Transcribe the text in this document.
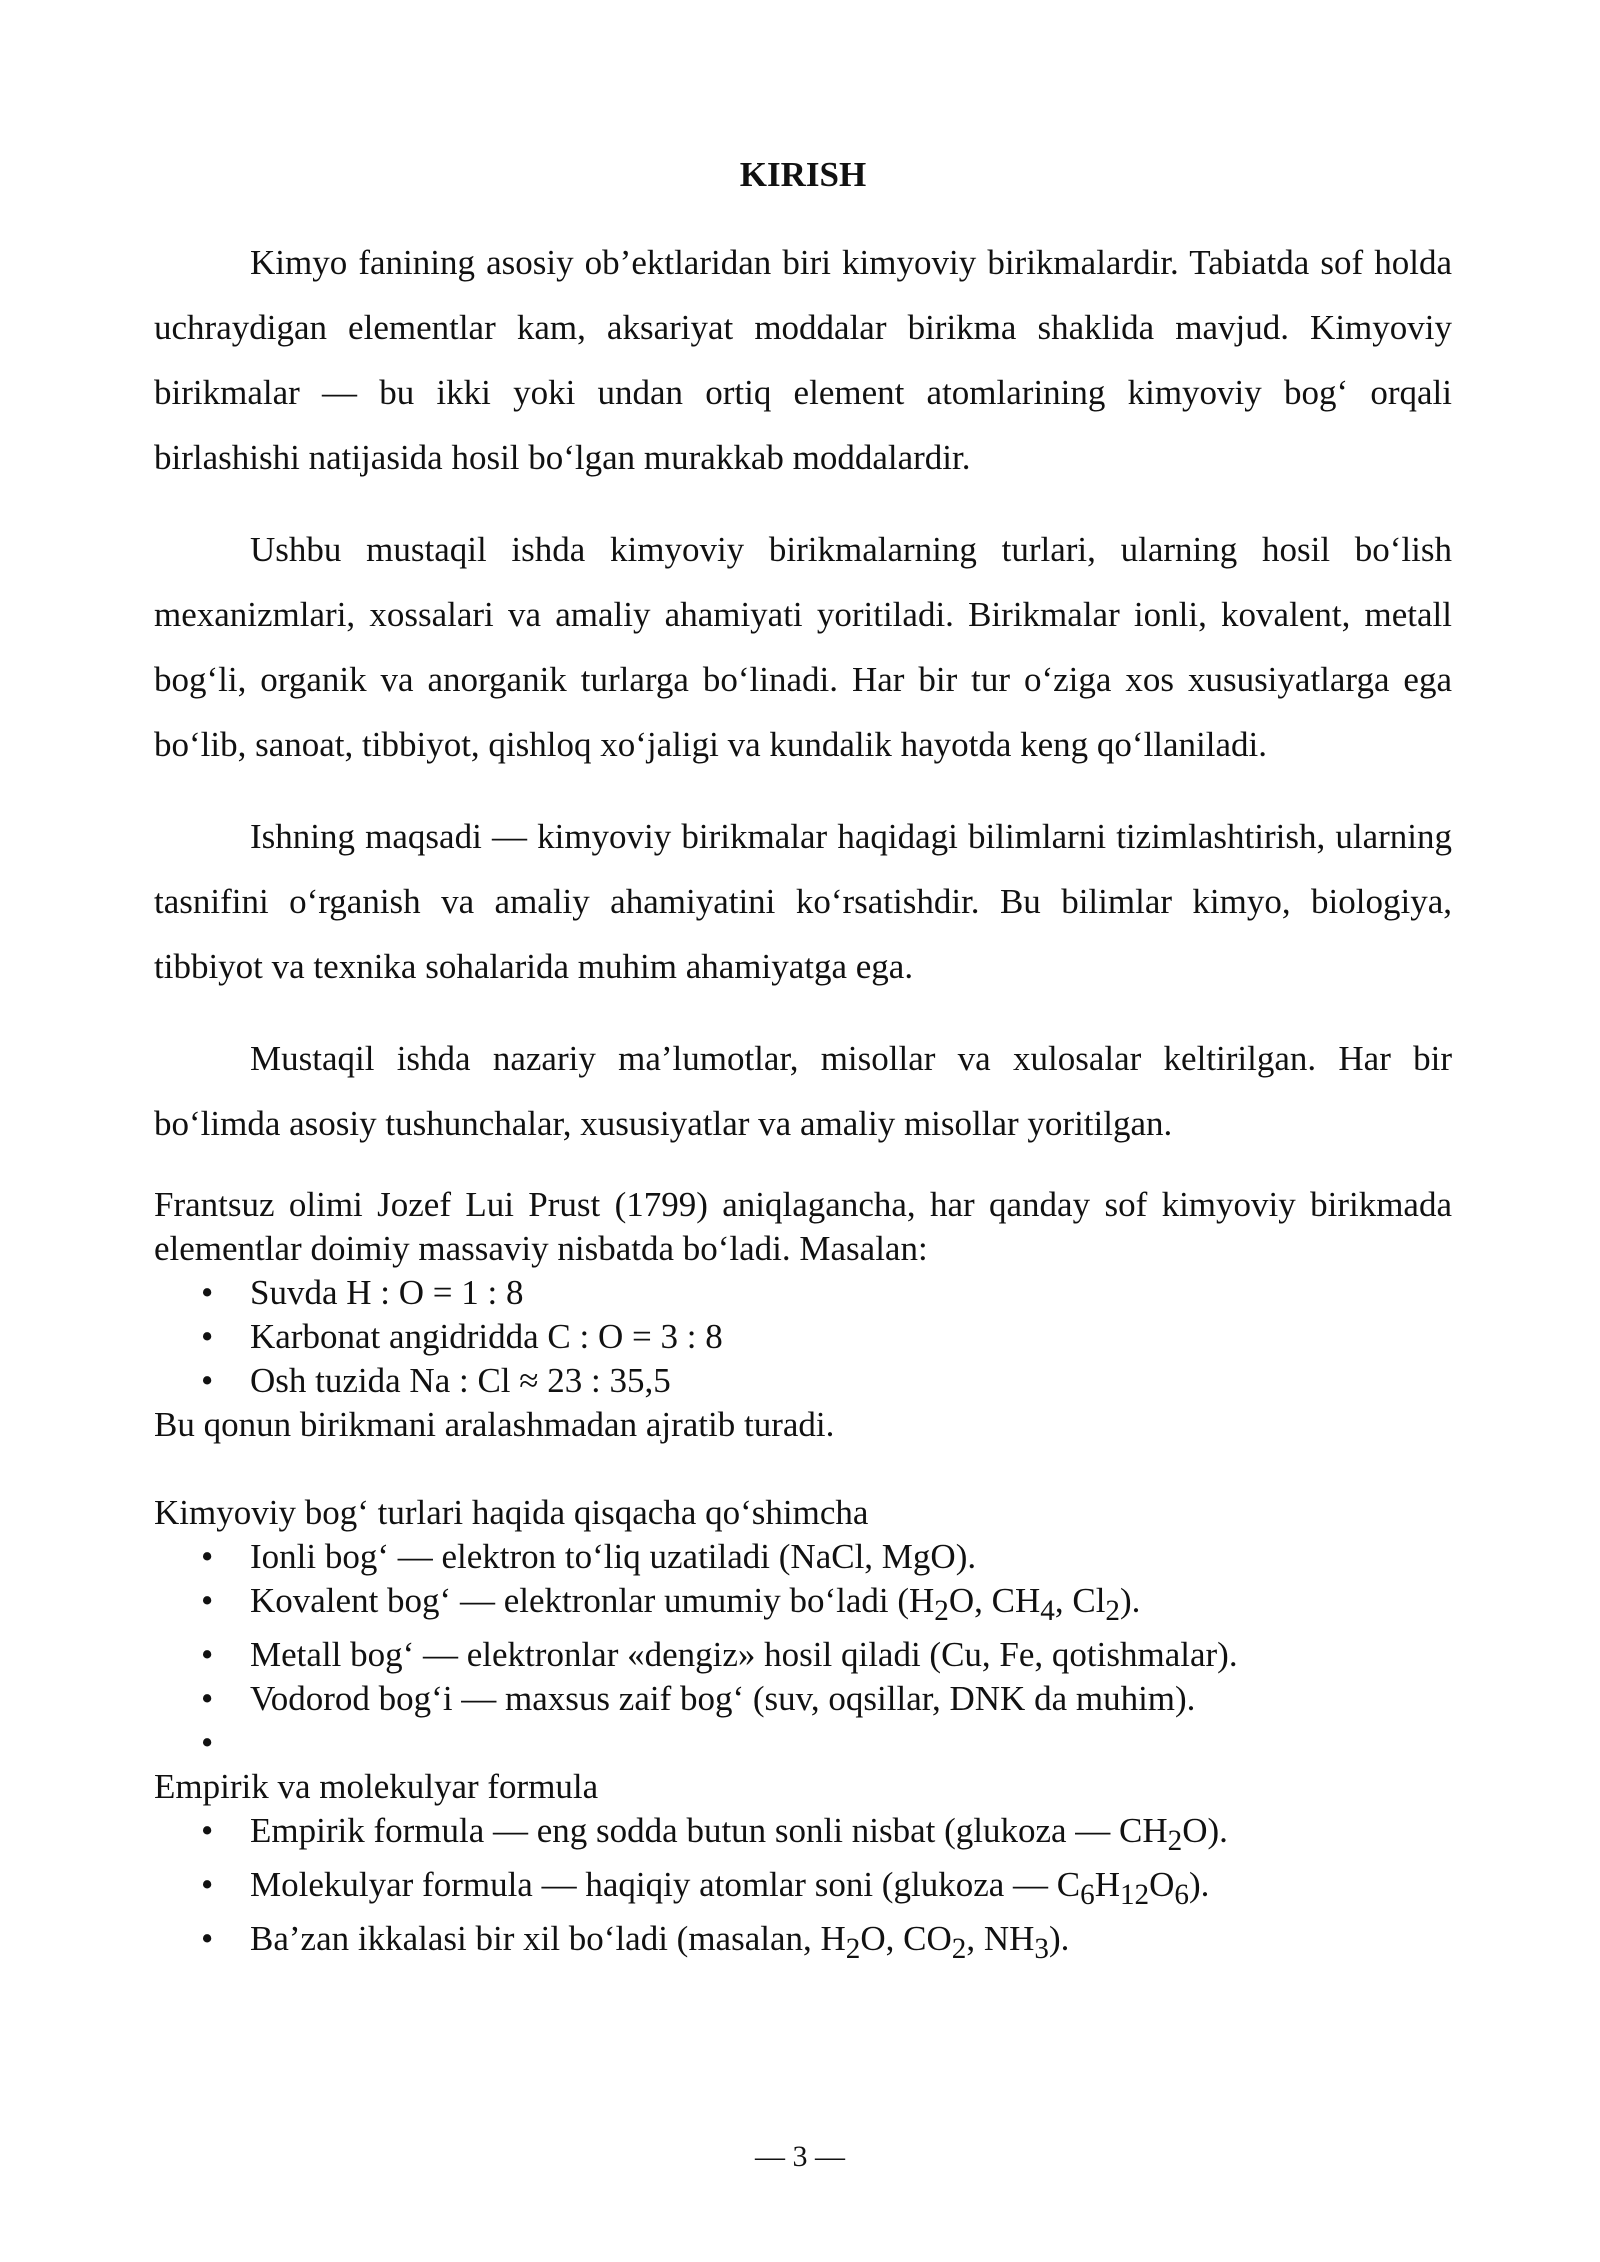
KIRISH

Kimyo fanining asosiy ob’ektlaridan biri kimyoviy birikmalardir. Tabiatda sof holda uchraydigan elementlar kam, aksariyat moddalar birikma shaklida mavjud. Kimyoviy birikmalar — bu ikki yoki undan ortiq element atomlarining kimyoviy bog‘ orqali birlashishi natijasida hosil bo‘lgan murakkab moddalardir.

Ushbu mustaqil ishda kimyoviy birikmalarning turlari, ularning hosil bo‘lish mexanizmlari, xossalari va amaliy ahamiyati yoritiladi. Birikmalar ionli, kovalent, metall bog‘li, organik va anorganik turlarga bo‘linadi. Har bir tur o‘ziga xos xususiyatlarga ega bo‘lib, sanoat, tibbiyot, qishloq xo‘jaligi va kundalik hayotda keng qo‘llaniladi.

Ishning maqsadi — kimyoviy birikmalar haqidagi bilimlarni tizimlashtirish, ularning tasnifini o‘rganish va amaliy ahamiyatini ko‘rsatishdir. Bu bilimlar kimyo, biologiya, tibbiyot va texnika sohalarida muhim ahamiyatga ega.

Mustaqil ishda nazariy ma’lumotlar, misollar va xulosalar keltirilgan. Har bir bo‘limda asosiy tushunchalar, xususiyatlar va amaliy misollar yoritilgan.

Frantsuz olimi Jozef Lui Prust (1799) aniqlagancha, har qanday sof kimyoviy birikmada elementlar doimiy massaviy nisbatda bo‘ladi. Masalan:

• Suvda H : O = 1 : 8
• Karbonat angidridda C : O = 3 : 8
• Osh tuzida Na : Cl ≈ 23 : 35,5

Bu qonun birikmani aralashmadan ajratib turadi.

Kimyoviy bog‘ turlari haqida qisqacha qo‘shimcha

• Ionli bog‘ — elektron to‘liq uzatiladi (NaCl, MgO).
• Kovalent bog‘ — elektronlar umumiy bo‘ladi ($H_2O$, $CH_4$, $Cl_2$).
• Metall bog‘ — elektronlar «dengiz» hosil qiladi (Cu, Fe, qotishmalar).
• Vodorod bog‘i — maxsus zaif bog‘ (suv, oqsillar, DNK da muhim).
•

Empirik va molekulyar formula

• Empirik formula — eng sodda butun sonli nisbat (glukoza — $CH_2O$).
• Molekulyar formula — haqiqiy atomlar soni (glukoza — $C_6H_{12}O_6$).
• Ba’zan ikkalasi bir xil bo‘ladi (masalan, $H_2O$, $CO_2$, $NH_3$).
— 3 —
